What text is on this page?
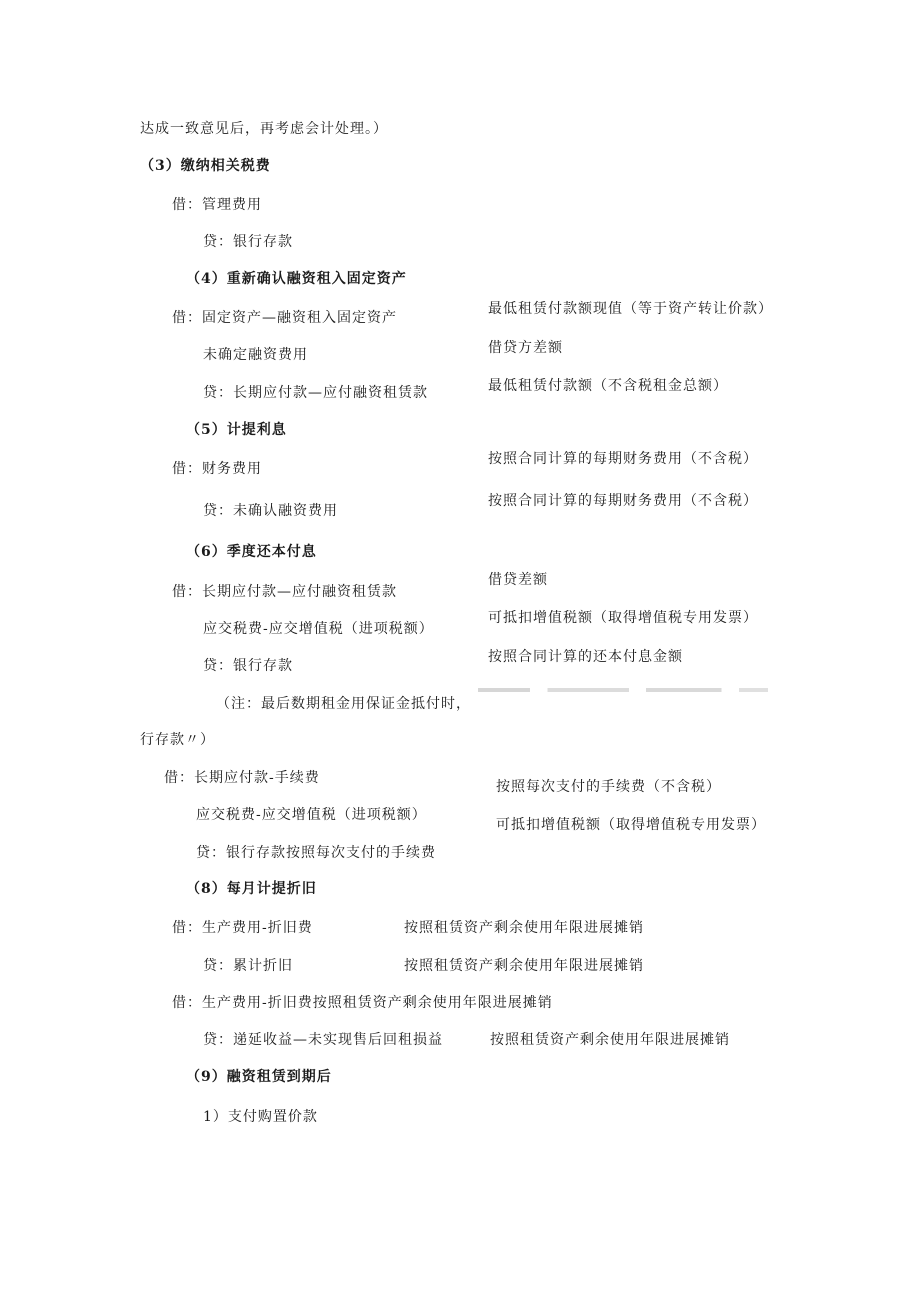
达成一致意见后，再考虑会计处理。）
（3）缴纳相关税费
借：管理费用
贷：银行存款
（4）重新确认融资租入固定资产
借：固定资产—融资租入固定资产
未确定融资费用
贷：长期应付款—应付融资租赁款
（5）计提利息
借：财务费用
贷：未确认融资费用
（6）季度还本付息
借：长期应付款—应付融资租赁款
应交税费-应交增值税（进项税额）
贷：银行存款
（注：最后数期租金用保证金抵付时，
行存款〃）
借：长期应付款-手续费
应交税费-应交增值税（进项税额）
贷：银行存款按照每次支付的手续费
（8）每月计提折旧
借：生产费用-折旧费
贷：累计折旧
借：生产费用-折旧费按照租赁资产剩余使用年限进展摊销
贷：递延收益—未实现售后回租损益
（9）融资租赁到期后
1）支付购置价款
最低租赁付款额现值（等于资产转让价款）
借贷方差额
最低租赁付款额（不含税租金总额）
按照合同计算的每期财务费用（不含税）
按照合同计算的每期财务费用（不含税）
借贷差额
可抵扣增值税额（取得增值税专用发票）
按照合同计算的还本付息金额
按照每次支付的手续费（不含税）
可抵扣增值税额（取得增值税专用发票）
按照租赁资产剩余使用年限进展摊销
按照租赁资产剩余使用年限进展摊销
按照租赁资产剩余使用年限进展摊销
